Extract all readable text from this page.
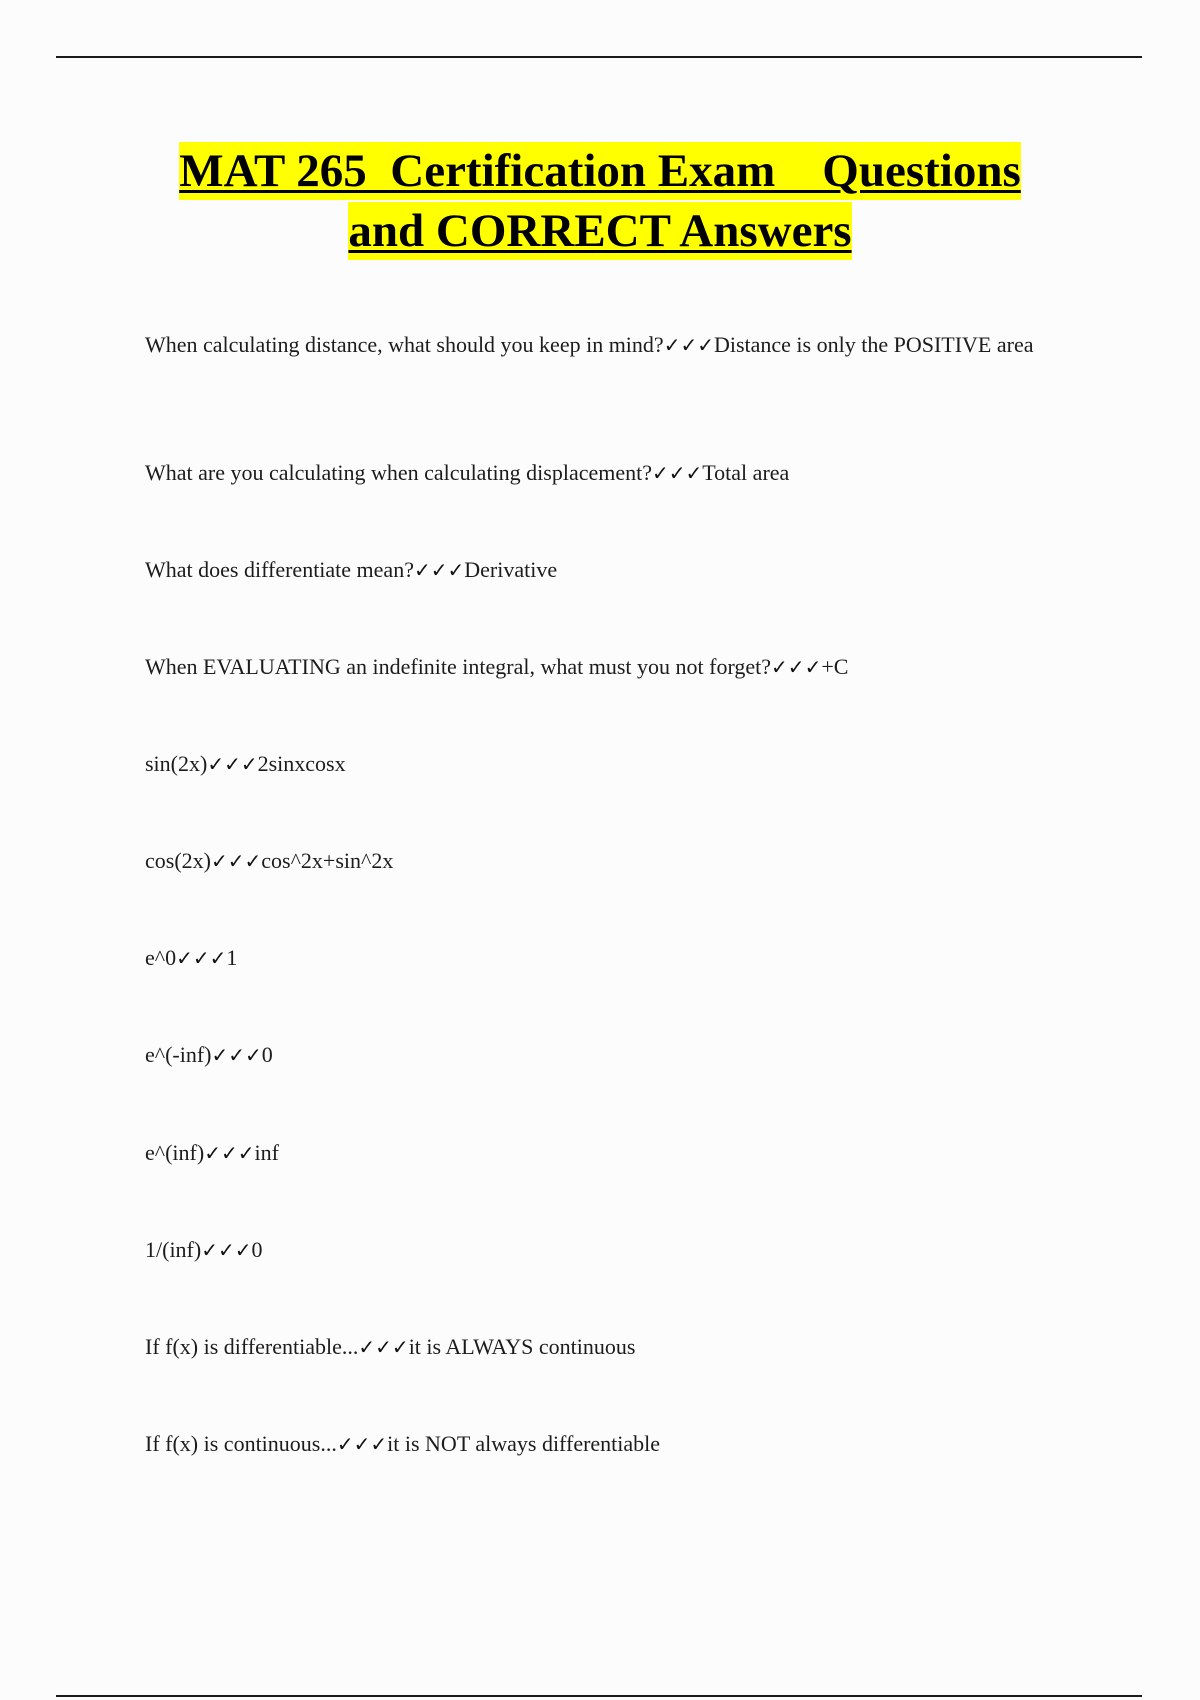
MAT 265  Certification Exam    Questions
and CORRECT Answers
When calculating distance, what should you keep in mind?✓✓✓Distance is only the POSITIVE area
What are you calculating when calculating displacement?✓✓✓Total area
What does differentiate mean?✓✓✓Derivative
When EVALUATING an indefinite integral, what must you not forget?✓✓✓+C
sin(2x)✓✓✓2sinxcosx
cos(2x)✓✓✓cos^2x+sin^2x
e^0✓✓✓1
e^(-inf)✓✓✓0
e^(inf)✓✓✓inf
1/(inf)✓✓✓0
If f(x) is differentiable...✓✓✓it is ALWAYS continuous
If f(x) is continuous...✓✓✓it is NOT always differentiable
